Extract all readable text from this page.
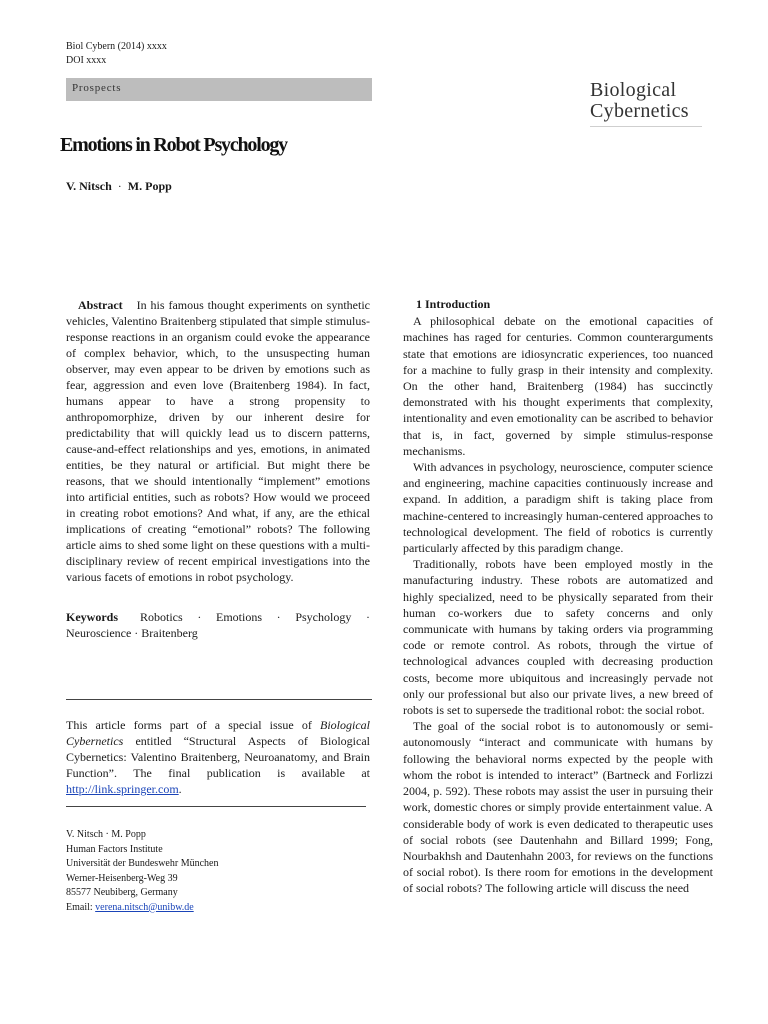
Biol Cybern (2014) xxxx
DOI xxxx
Prospects	Biological
Cybernetics
Emotions in Robot Psychology
V. Nitsch · M. Popp
Abstract In his famous thought experiments on synthetic vehicles, Valentino Braitenberg stipulated that simple stimulus-response reactions in an organism could evoke the appearance of complex behavior, which, to the unsuspecting human observer, may even appear to be driven by emotions such as fear, aggression and even love (Braitenberg 1984). In fact, humans appear to have a strong propensity to anthropomorphize, driven by our inherent desire for predictability that will quickly lead us to discern patterns, cause-and-effect relationships and yes, emotions, in animated entities, be they natural or artificial. But might there be reasons, that we should intentionally “implement” emotions into artificial entities, such as robots? How would we proceed in creating robot emotions? And what, if any, are the ethical implications of creating “emotional” robots? The following article aims to shed some light on these questions with a multi-disciplinary review of recent empirical investigations into the various facets of emotions in robot psychology.
Keywords Robotics · Emotions · Psychology · Neuroscience · Braitenberg
This article forms part of a special issue of Biological Cybernetics entitled “Structural Aspects of Biological Cybernetics: Valentino Braitenberg, Neuroanatomy, and Brain Function”. The final publication is available at http://link.springer.com.
V. Nitsch · M. Popp
Human Factors Institute
Universität der Bundeswehr München
Werner-Heisenberg-Weg 39
85577 Neubiberg, Germany
Email: verena.nitsch@unibw.de
1 Introduction

A philosophical debate on the emotional capacities of machines has raged for centuries. Common counterarguments state that emotions are idiosyncratic experiences, too nuanced for a machine to fully grasp in their intensity and complexity. On the other hand, Braitenberg (1984) has succinctly demonstrated with his thought experiments that complexity, intentionality and even emotionality can be ascribed to behavior that is, in fact, governed by simple stimulus-response mechanisms.

With advances in psychology, neuroscience, computer science and engineering, machine capacities continuously increase and expand. In addition, a paradigm shift is taking place from machine-centered to increasingly human-centered approaches to technological development. The field of robotics is currently particularly affected by this paradigm change.

Traditionally, robots have been employed mostly in the manufacturing industry. These robots are automatized and highly specialized, need to be physically separated from their human co-workers due to safety concerns and only communicate with humans by taking orders via programming code or remote control. As robots, through the virtue of technological advances coupled with decreasing production costs, become more ubiquitous and increasingly pervade not only our professional but also our private lives, a new breed of robots is set to supersede the traditional robot: the social robot.

The goal of the social robot is to autonomously or semi-autonomously “interact and communicate with humans by following the behavioral norms expected by the people with whom the robot is intended to interact” (Bartneck and Forlizzi 2004, p. 592). These robots may assist the user in pursuing their work, domestic chores or simply provide entertainment value. A considerable body of work is even dedicated to therapeutic uses of social robots (see Dautenhahn and Billard 1999; Fong, Nourbakhsh and Dautenhahn 2003, for reviews on the functions of social robot). Is there room for emotions in the development of social robots? The following article will discuss the need
